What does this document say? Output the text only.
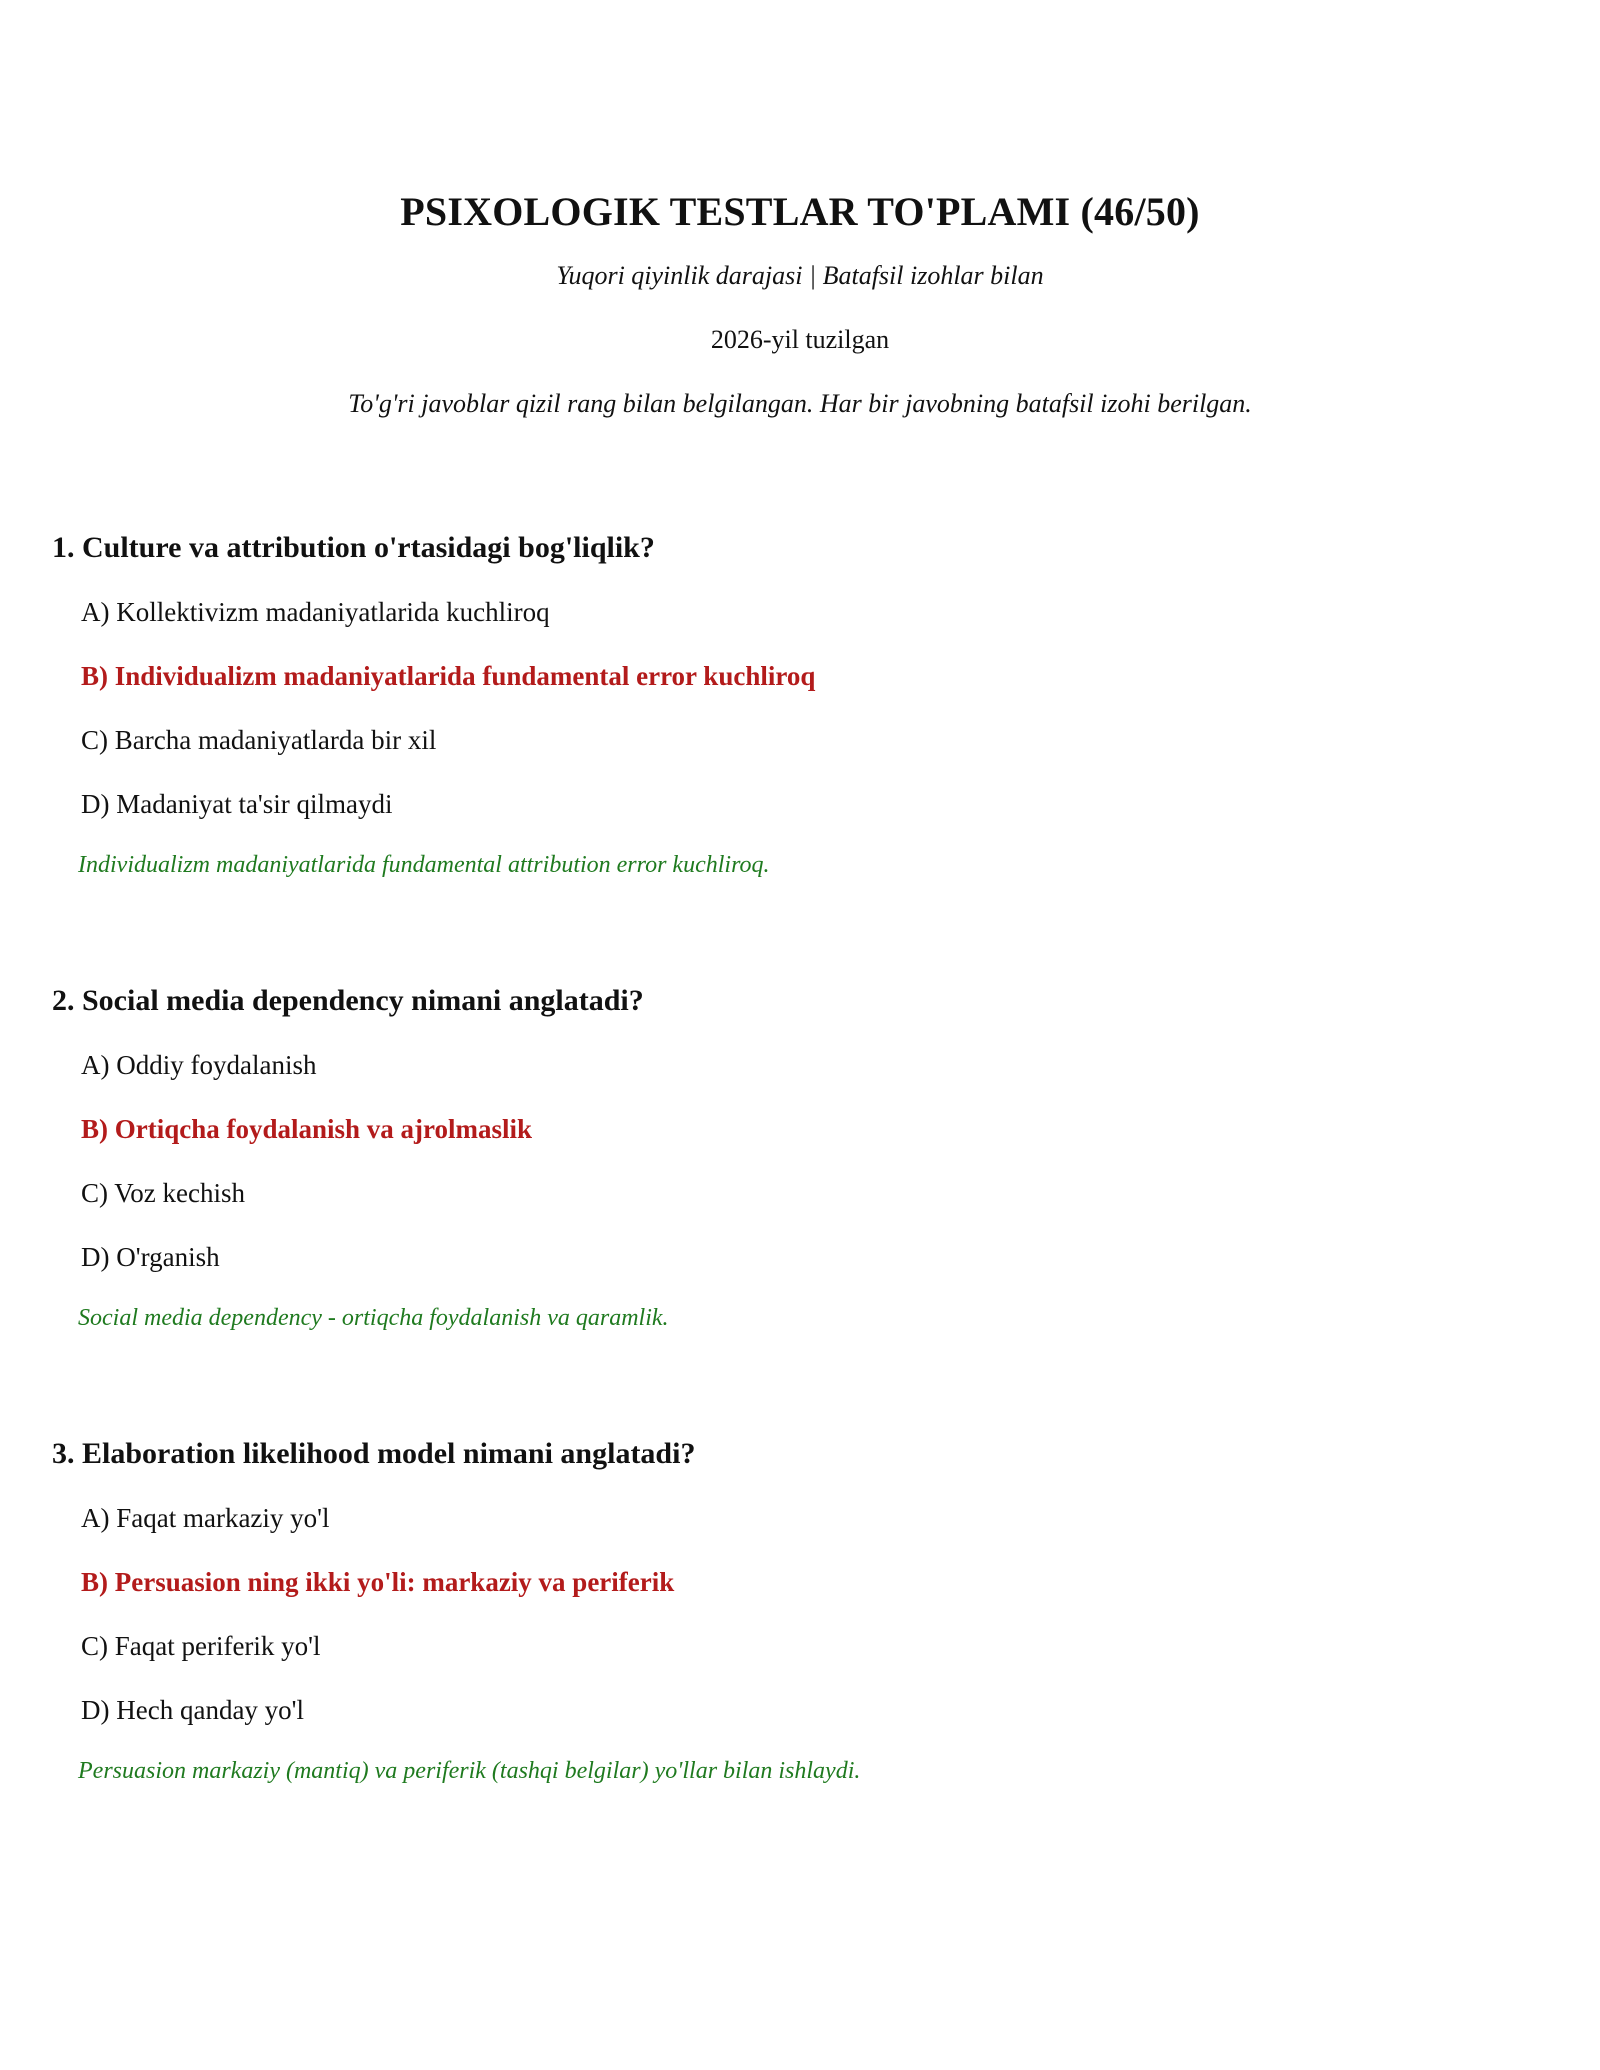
PSIXOLOGIK TESTLAR TO'PLAMI (46/50)

Yuqori qiyinlik darajasi | Batafsil izohlar bilan

2026-yil tuzilgan

To'g'ri javoblar qizil rang bilan belgilangan. Har bir javobning batafsil izohi berilgan.

1. Culture va attribution o'rtasidagi bog'liqlik?

A) Kollektivizm madaniyatlarida kuchliroq
B) Individualizm madaniyatlarida fundamental error kuchliroq
C) Barcha madaniyatlarda bir xil
D) Madaniyat ta'sir qilmaydi

Individualizm madaniyatlarida fundamental attribution error kuchliroq.

2. Social media dependency nimani anglatadi?

A) Oddiy foydalanish
B) Ortiqcha foydalanish va ajrolmaslik
C) Voz kechish
D) O'rganish

Social media dependency - ortiqcha foydalanish va qaramlik.

3. Elaboration likelihood model nimani anglatadi?

A) Faqat markaziy yo'l
B) Persuasion ning ikki yo'li: markaziy va periferik
C) Faqat periferik yo'l
D) Hech qanday yo'l

Persuasion markaziy (mantiq) va periferik (tashqi belgilar) yo'llar bilan ishlaydi.
